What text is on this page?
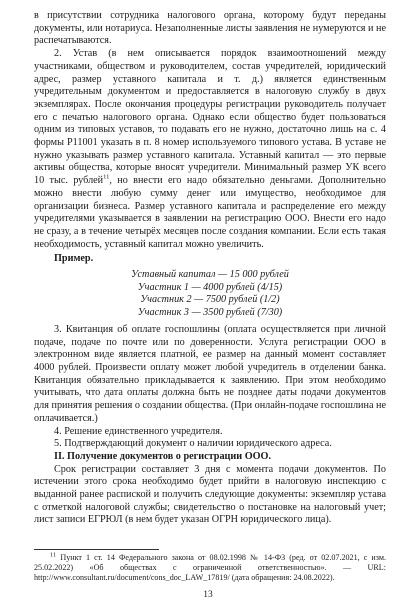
в присутствии сотрудника налогового органа, которому будут переданы документы, или нотариуса. Незаполненные листы заявления не нумеруются и не распечатываются.

2. Устав (в нем описывается порядок взаимоотношений между участниками, обществом и руководителем, состав учредителей, юридический адрес, размер уставного капитала и т. д.) является единственным учредительным документом и предоставляется в налоговую службу в двух экземплярах. После окончания процедуры регистрации руководитель получает его с печатью налогового органа. Однако если общество будет пользоваться одним из типовых уставов, то подавать его не нужно, достаточно лишь на с. 4 формы Р11001 указать в п. 8 номер используемого типового устава. В уставе не нужно указывать размер уставного капитала. Уставный капитал — это первые активы общества, которые вносят учредители. Минимальный размер УК всего 10 тыс. рублей$^{11}$, но внести его надо обязательно деньгами. Дополнительно можно внести любую сумму денег или имущество, необходимое для организации бизнеса. Размер уставного капитала и распределение его между учредителями указывается в заявлении на регистрацию ООО. Внести его надо не сразу, а в течение четырёх месяцев после создания компании. Если есть такая необходимость, уставный капитал можно увеличить.

Пример.

Уставный капитал — 15 000 рублей
Участник 1 — 4000 рублей (4/15)
Участник 2 — 7500 рублей (1/2)
Участник 3 — 3500 рублей (7/30)

3. Квитанция об оплате госпошлины (оплата осуществляется при личной подаче, подаче по почте или по доверенности. Услуга регистрации ООО в электронном виде является платной, ее размер на данный момент составляет 4000 рублей. Произвести оплату может любой учредитель в отделении банка. Квитанция обязательно прикладывается к заявлению. При этом необходимо учитывать, что дата оплаты должна быть не позднее даты подачи документов для принятия решения о создании общества. (При онлайн-подаче госпошлина не оплачивается.)

4. Решение единственного учредителя.

5. Подтверждающий документ о наличии юридического адреса.

II. Получение документов о регистрации ООО.

Срок регистрации составляет 3 дня с момента подачи документов. По истечении этого срока необходимо будет прийти в налоговую инспекцию с выданной ранее распиской и получить следующие документы: экземпляр устава с отметкой налоговой службы; свидетельство о постановке на налоговый учет; лист записи ЕГРЮЛ (в нем будет указан ОГРН юридического лица).

$^{11}$ Пункт 1 ст. 14 Федерального закона от 08.02.1998 № 14-ФЗ (ред. от 02.07.2021, с изм. 25.02.2022) «Об обществах с ограниченной ответственностью». — URL: http://www.consultant.ru/document/cons_doc_LAW_17819/ (дата обращения: 24.08.2022).

13
